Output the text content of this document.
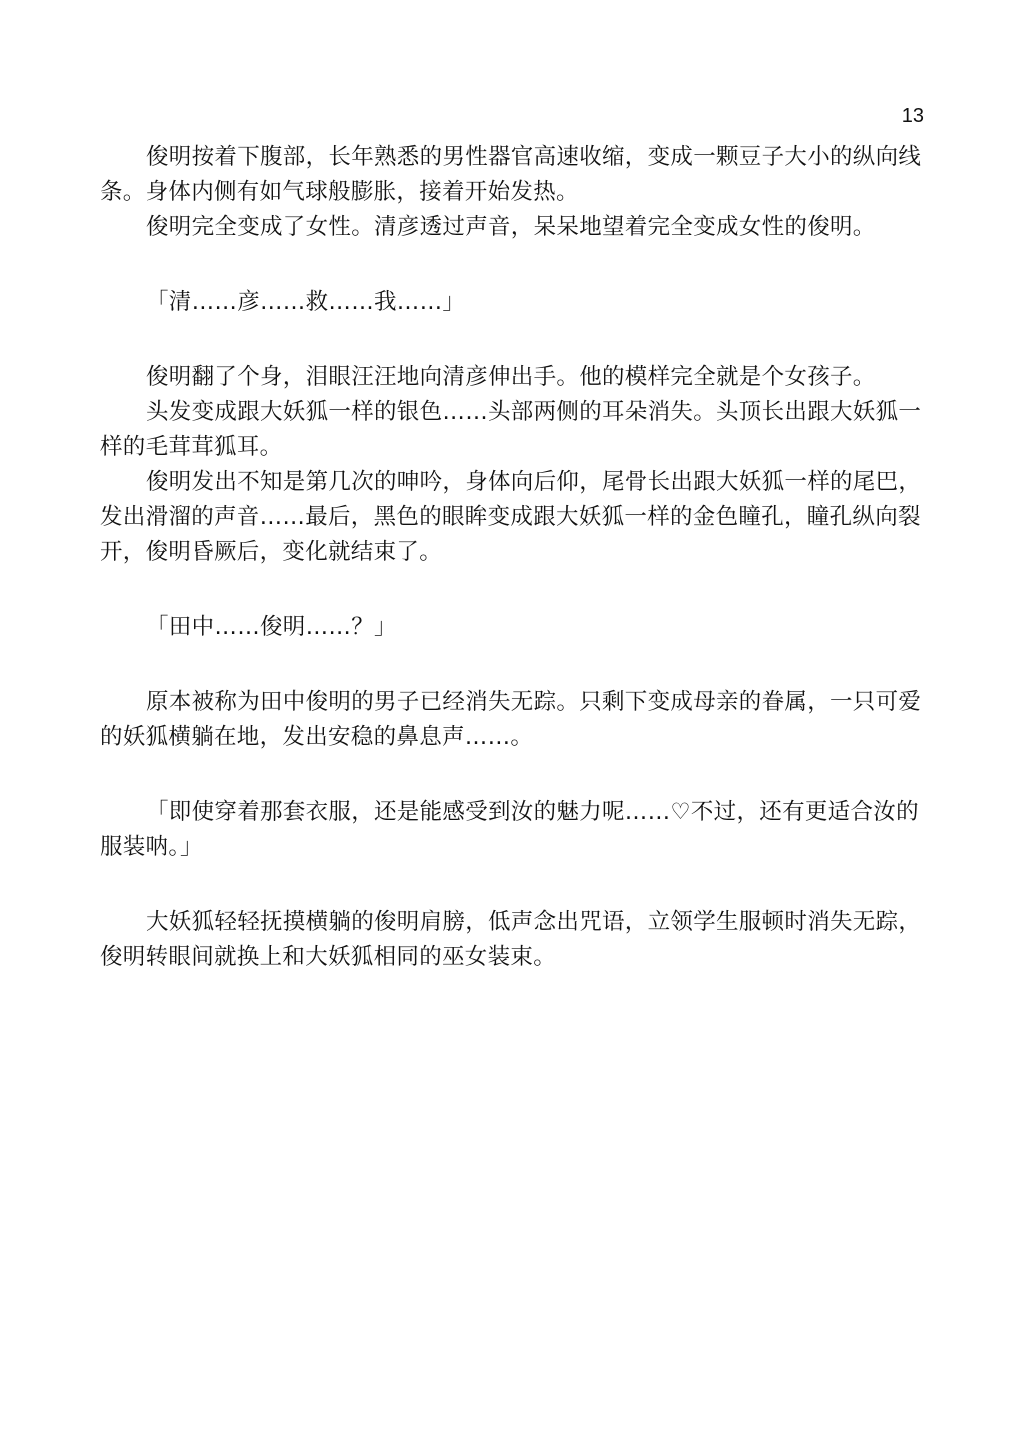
13

俊明按着下腹部，长年熟悉的男性器官高速收缩，变成一颗豆子大小的纵向线条。身体内侧有如气球般膨胀，接着开始发热。

俊明完全变成了女性。清彦透过声音，呆呆地望着完全变成女性的俊明。

「清……彦……救……我……」

俊明翻了个身，泪眼汪汪地向清彦伸出手。他的模样完全就是个女孩子。

头发变成跟大妖狐一样的银色……头部两侧的耳朵消失。头顶长出跟大妖狐一样的毛茸茸狐耳。

俊明发出不知是第几次的呻吟，身体向后仰，尾骨长出跟大妖狐一样的尾巴，发出滑溜的声音……最后，黑色的眼眸变成跟大妖狐一样的金色瞳孔，瞳孔纵向裂开，俊明昏厥后，变化就结束了。

「田中……俊明……？」

原本被称为田中俊明的男子已经消失无踪。只剩下变成母亲的眷属，一只可爱的妖狐横躺在地，发出安稳的鼻息声……。

「即使穿着那套衣服，还是能感受到汝的魅力呢……♡不过，还有更适合汝的服装呐。」

大妖狐轻轻抚摸横躺的俊明肩膀，低声念出咒语，立领学生服顿时消失无踪，俊明转眼间就换上和大妖狐相同的巫女装束。
